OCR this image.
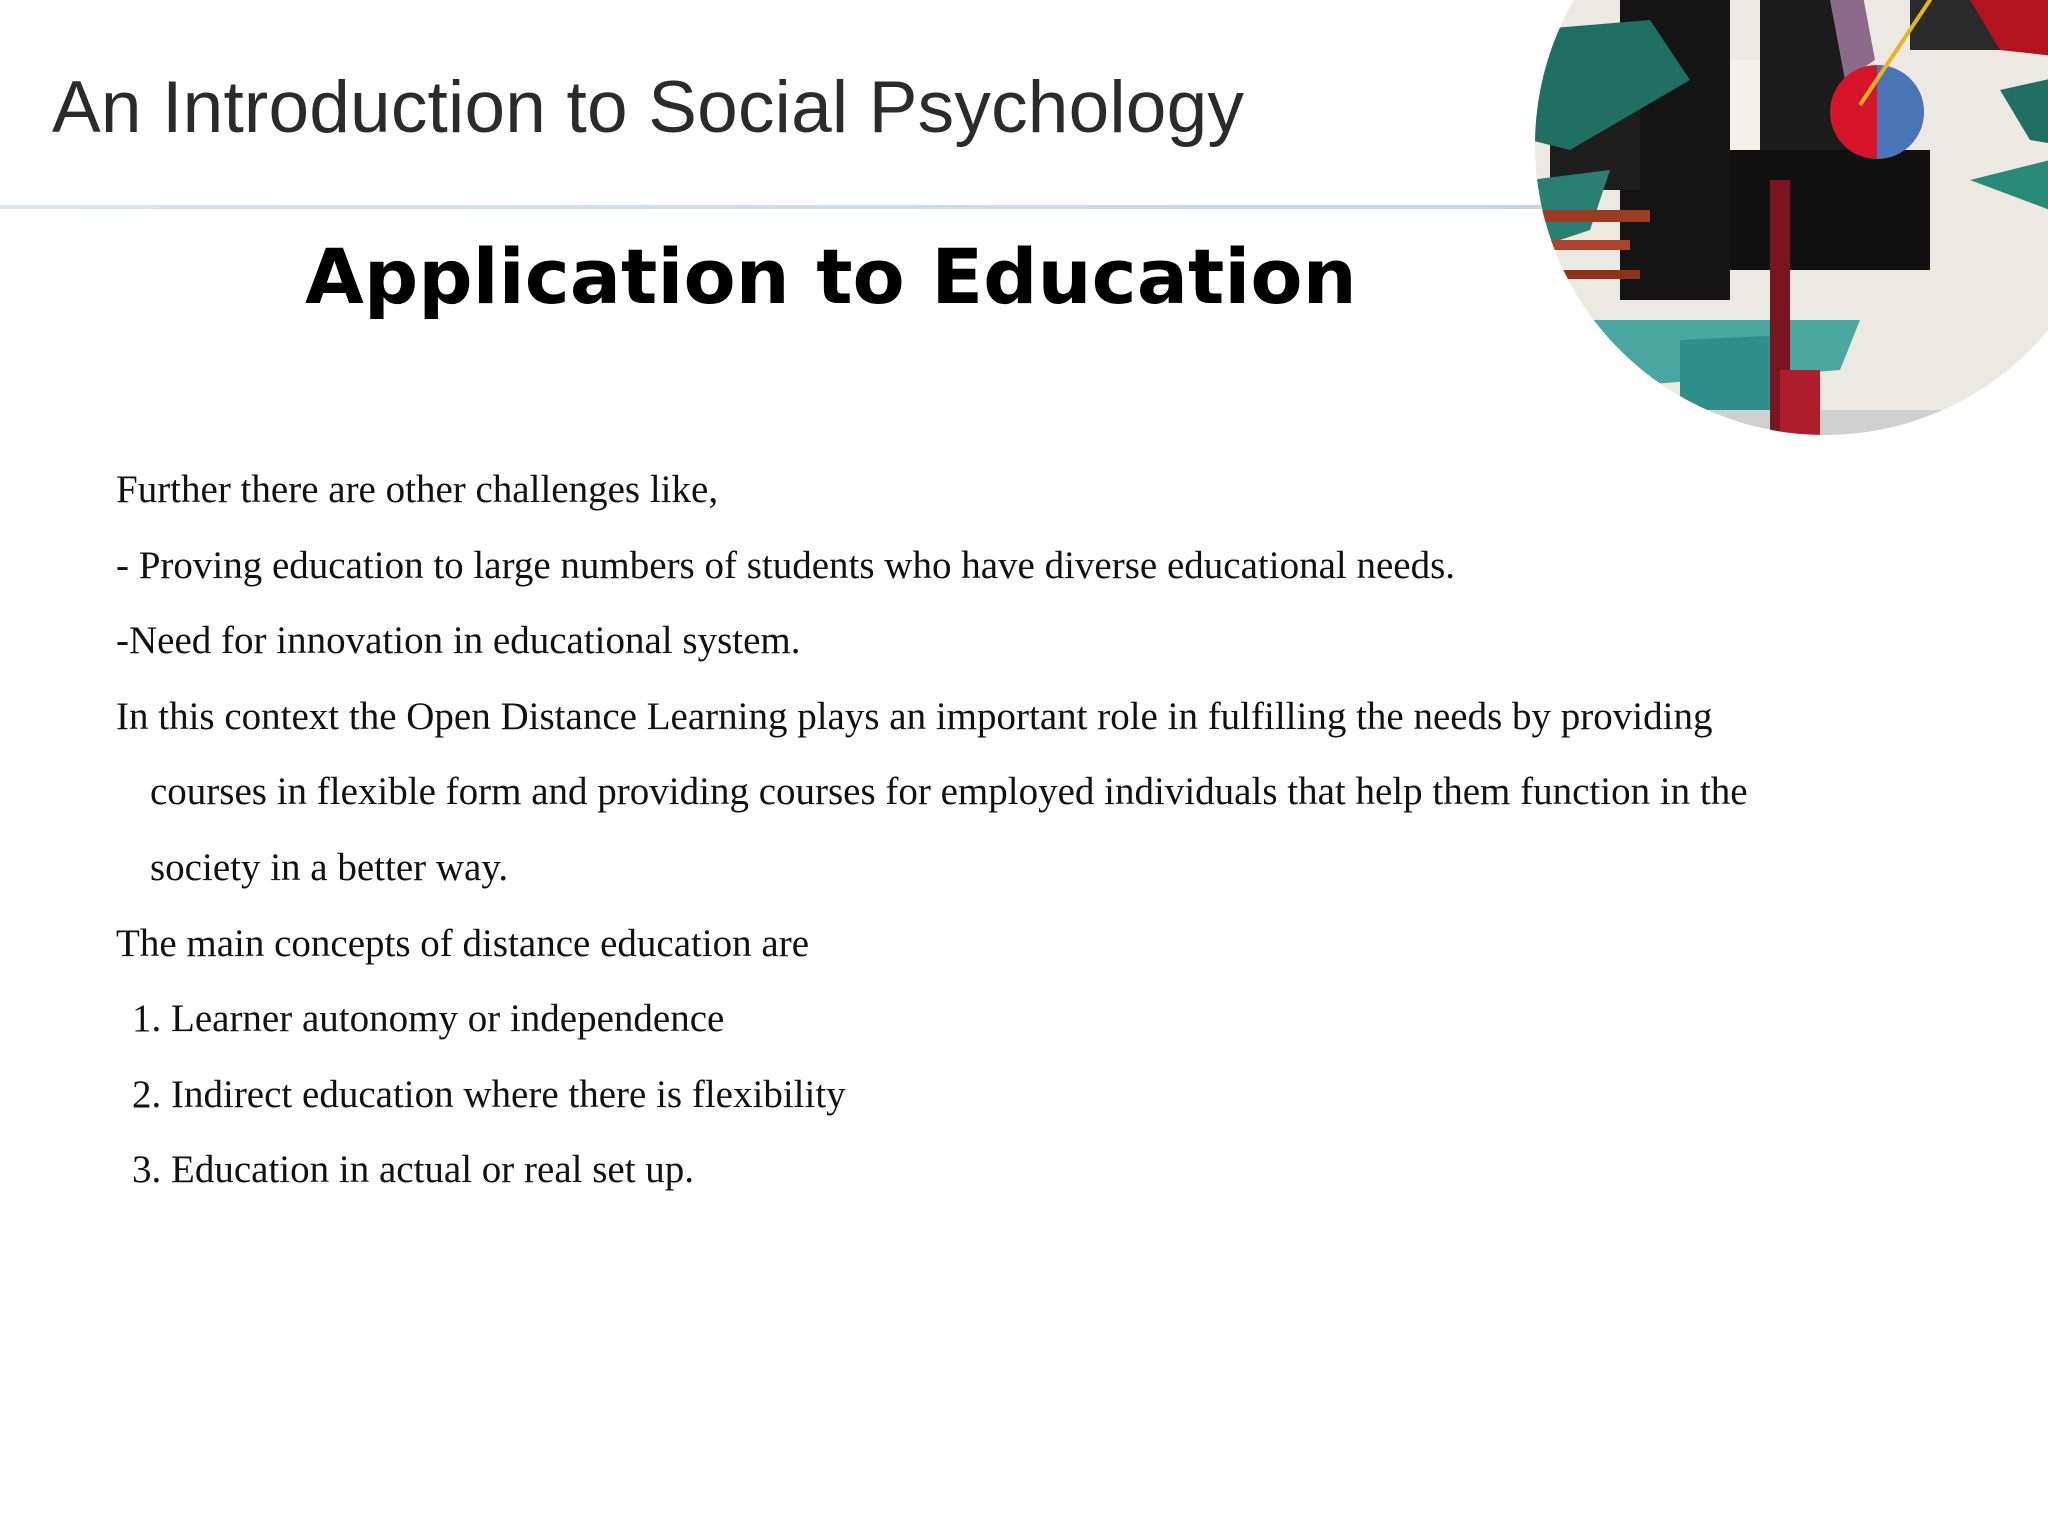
An Introduction to Social Psychology
Application to Education
Further there are other challenges like,
- Proving education to large numbers of students who have diverse educational needs.
-Need for innovation in educational system.
In this context the Open Distance Learning plays an important role in fulfilling the needs by providing
courses in flexible form and providing courses for employed individuals that help them function in the
society in a better way.
The main concepts of distance education are
1. Learner autonomy or independence
2. Indirect education where there is flexibility
3. Education in actual or real set up.
